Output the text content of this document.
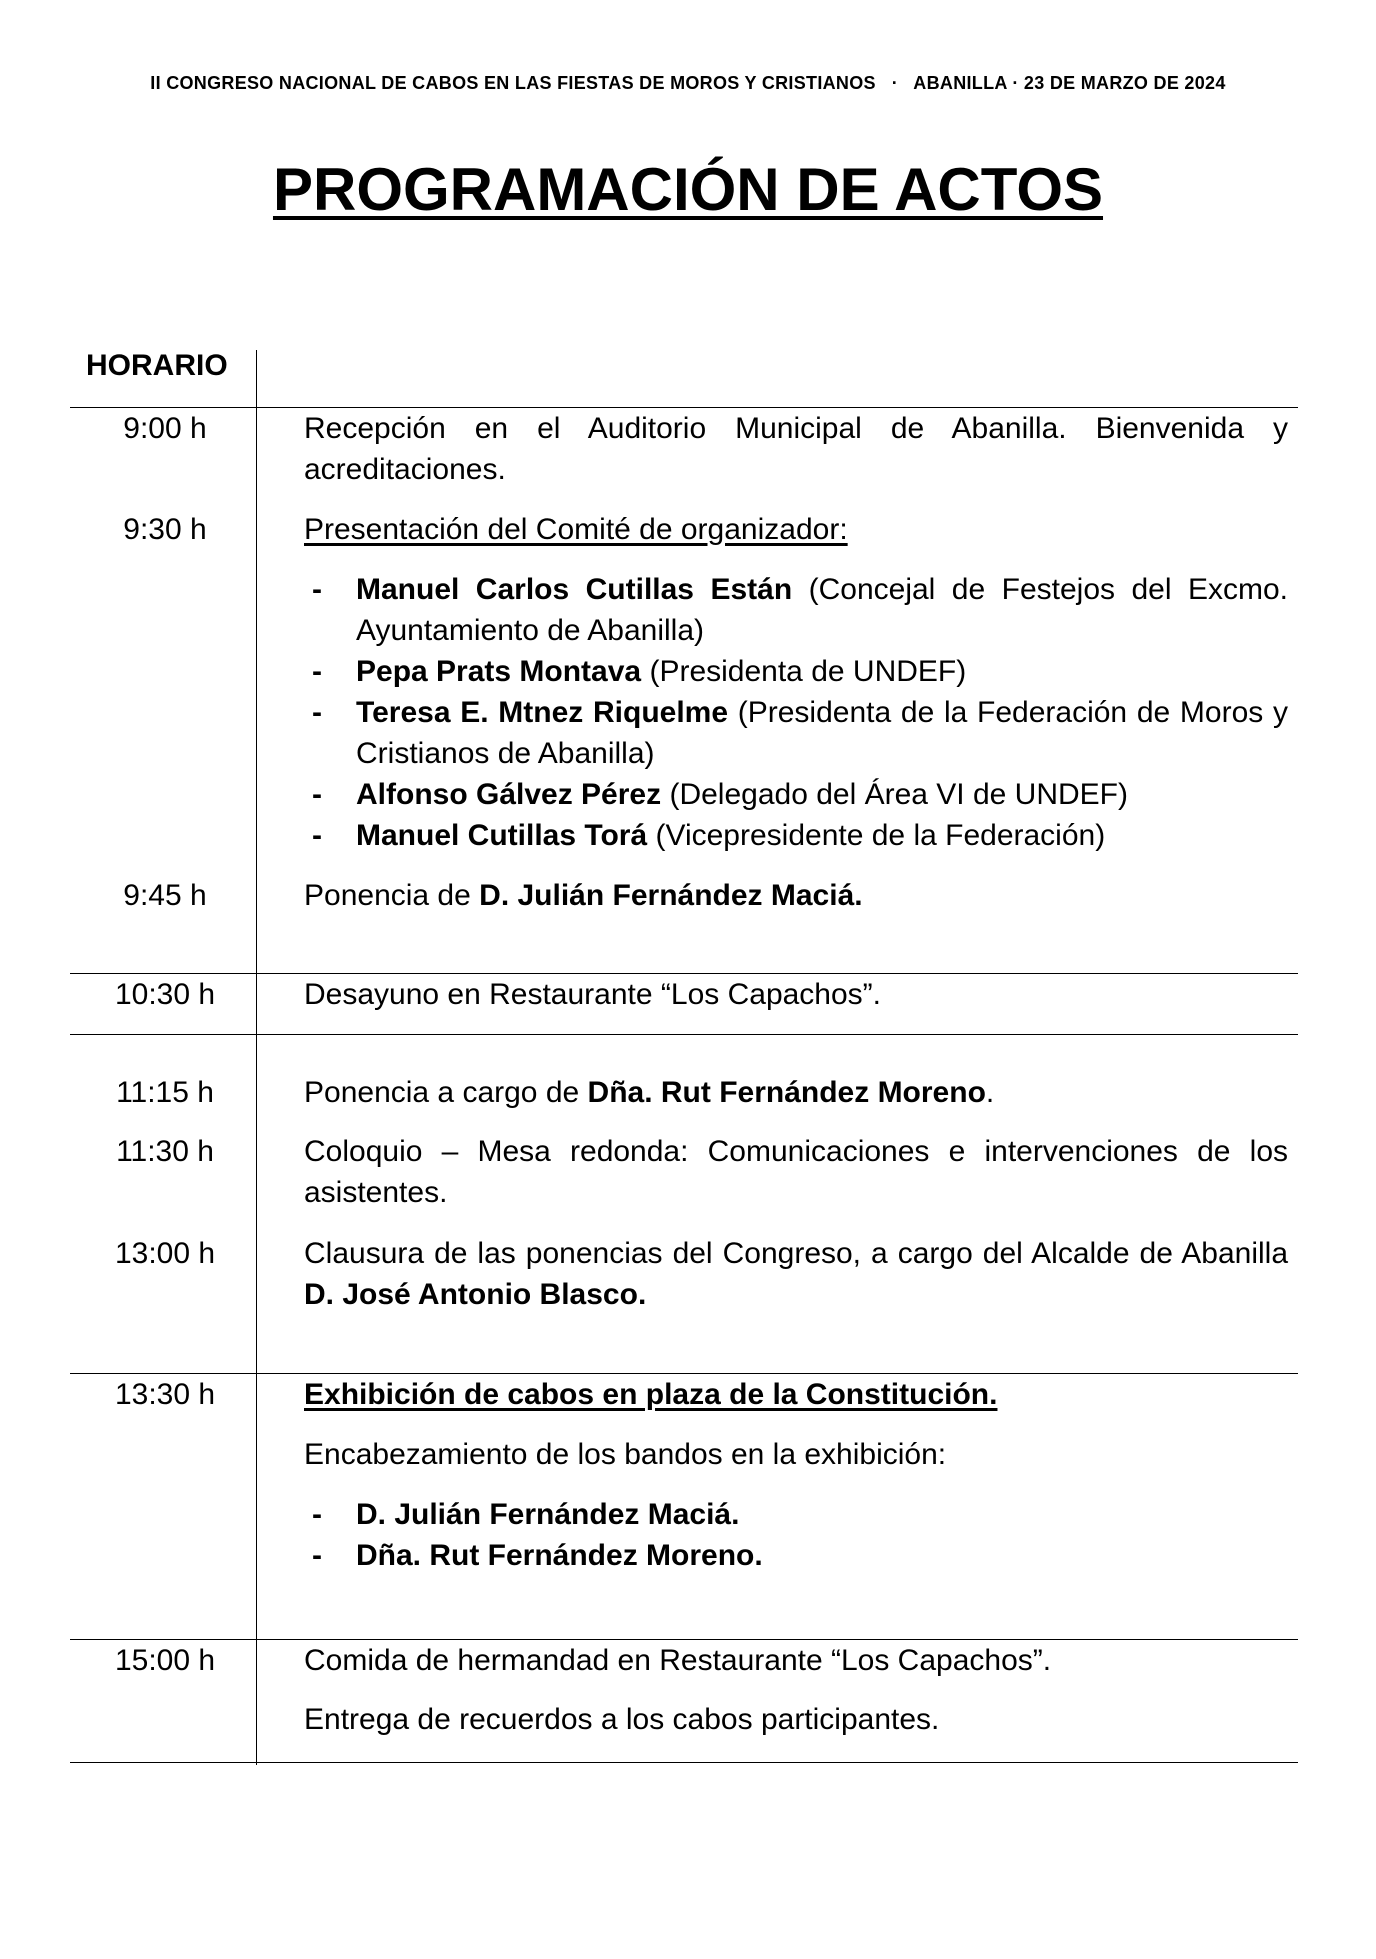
II CONGRESO NACIONAL DE CABOS EN LAS FIESTAS DE MOROS Y CRISTIANOS · ABANILLA · 23 DE MARZO DE 2024
PROGRAMACIÓN DE ACTOS
HORARIO
9:00 h	Recepción en el Auditorio Municipal de Abanilla. Bienvenida y acreditaciones.
9:30 h	Presentación del Comité de organizador:
- Manuel Carlos Cutillas Están (Concejal de Festejos del Excmo. Ayuntamiento de Abanilla)
- Pepa Prats Montava (Presidenta de UNDEF)
- Teresa E. Mtnez Riquelme (Presidenta de la Federación de Moros y Cristianos de Abanilla)
- Alfonso Gálvez Pérez (Delegado del Área VI de UNDEF)
- Manuel Cutillas Torá (Vicepresidente de la Federación)
9:45 h	Ponencia de D. Julián Fernández Maciá.
10:30 h	Desayuno en Restaurante “Los Capachos”.
11:15 h	Ponencia a cargo de Dña. Rut Fernández Moreno.
11:30 h	Coloquio – Mesa redonda: Comunicaciones e intervenciones de los asistentes.
13:00 h	Clausura de las ponencias del Congreso, a cargo del Alcalde de Abanilla D. José Antonio Blasco.
13:30 h	Exhibición de cabos en plaza de la Constitución.
Encabezamiento de los bandos en la exhibición:
- D. Julián Fernández Maciá.
- Dña. Rut Fernández Moreno.
15:00 h	Comida de hermandad en Restaurante “Los Capachos”.
Entrega de recuerdos a los cabos participantes.
